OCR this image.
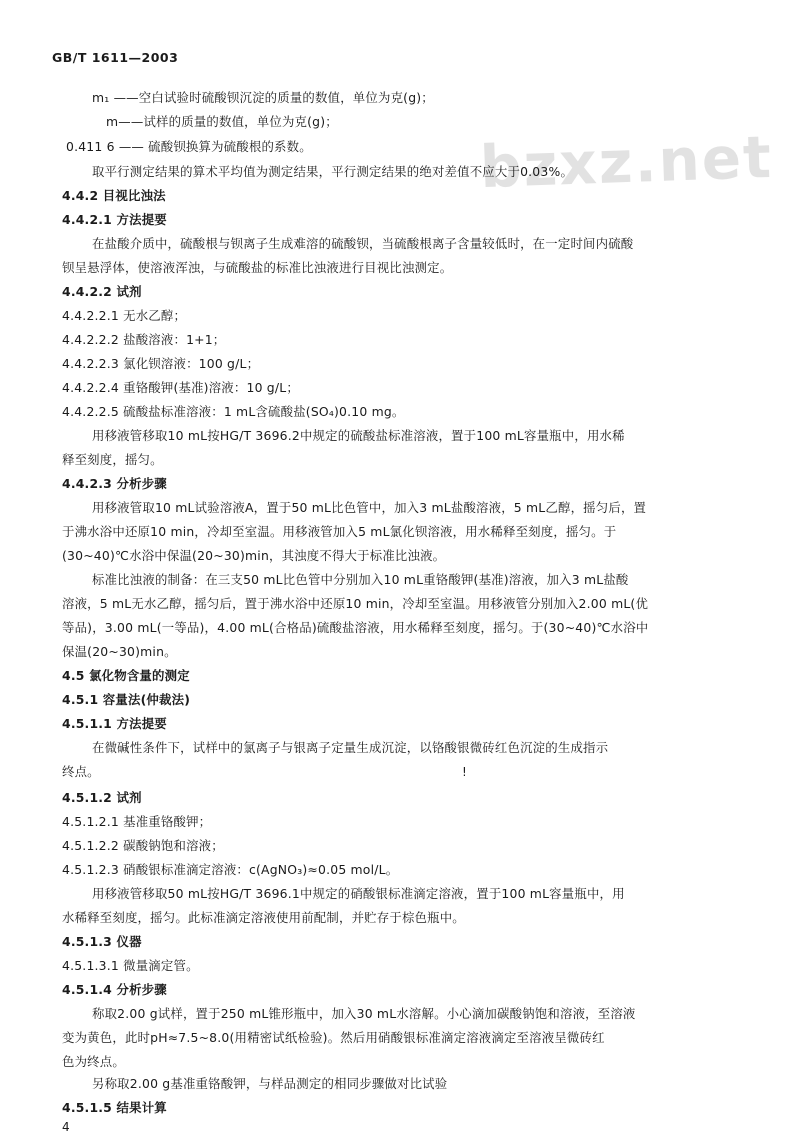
GB/T 1611—2003
bzxz.net
m₁ ——空白试验时硫酸钡沉淀的质量的数值，单位为克(g)；
m——试样的质量的数值，单位为克(g)；
0.411 6 —— 硫酸钡换算为硫酸根的系数。
取平行测定结果的算术平均值为测定结果，平行测定结果的绝对差值不应大于0.03%。
4.4.2 目视比浊法
4.4.2.1 方法提要
在盐酸介质中，硫酸根与钡离子生成难溶的硫酸钡，当硫酸根离子含量较低时，在一定时间内硫酸
钡呈悬浮体，使溶液浑浊，与硫酸盐的标准比浊液进行目视比浊测定。
4.4.2.2 试剂
4.4.2.2.1 无水乙醇；
4.4.2.2.2 盐酸溶液：1+1；
4.4.2.2.3 氯化钡溶液：100 g/L；
4.4.2.2.4 重铬酸钾(基准)溶液：10 g/L；
4.4.2.2.5 硫酸盐标准溶液：1 mL含硫酸盐(SO₄)0.10 mg。
用移液管移取10 mL按HG/T 3696.2中规定的硫酸盐标准溶液，置于100 mL容量瓶中，用水稀
释至刻度，摇匀。
4.4.2.3 分析步骤
用移液管取10 mL试验溶液A，置于50 mL比色管中，加入3 mL盐酸溶液，5 mL乙醇，摇匀后，置
于沸水浴中还原10 min，冷却至室温。用移液管加入5 mL氯化钡溶液，用水稀释至刻度，摇匀。于
(30~40)℃水浴中保温(20~30)min，其浊度不得大于标准比浊液。
标准比浊液的制备：在三支50 mL比色管中分别加入10 mL重铬酸钾(基准)溶液，加入3 mL盐酸
溶液，5 mL无水乙醇，摇匀后，置于沸水浴中还原10 min，冷却至室温。用移液管分别加入2.00 mL(优
等品)，3.00 mL(一等品)，4.00 mL(合格品)硫酸盐溶液，用水稀释至刻度，摇匀。于(30~40)℃水浴中
保温(20~30)min。
4.5 氯化物含量的测定
4.5.1 容量法(仲裁法)
4.5.1.1 方法提要
在微碱性条件下，试样中的氯离子与银离子定量生成沉淀，以铬酸银微砖红色沉淀的生成指示
终点。	!
4.5.1.2 试剂
4.5.1.2.1 基准重铬酸钾；
4.5.1.2.2 碳酸钠饱和溶液；
4.5.1.2.3 硝酸银标准滴定溶液：c(AgNO₃)≈0.05 mol/L。
用移液管移取50 mL按HG/T 3696.1中规定的硝酸银标准滴定溶液，置于100 mL容量瓶中，用
水稀释至刻度，摇匀。此标准滴定溶液使用前配制，并贮存于棕色瓶中。
4.5.1.3 仪器
4.5.1.3.1 微量滴定管。
4.5.1.4 分析步骤
称取2.00 g试样，置于250 mL锥形瓶中，加入30 mL水溶解。小心滴加碳酸钠饱和溶液，至溶液
变为黄色，此时pH≈7.5~8.0(用精密试纸检验)。然后用硝酸银标准滴定溶液滴定至溶液呈微砖红
色为终点。
另称取2.00 g基准重铬酸钾，与样品测定的相同步骤做对比试验
4.5.1.5 结果计算
4
